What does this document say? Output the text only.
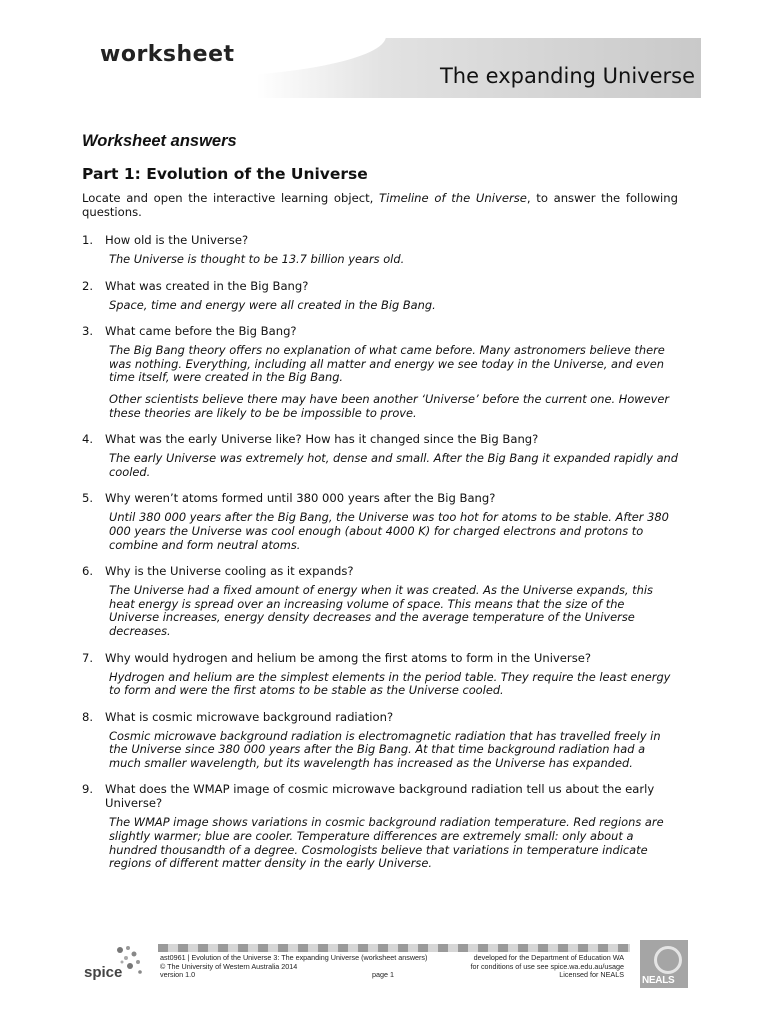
worksheet
The expanding Universe
Worksheet answers
Part 1: Evolution of the Universe
Locate and open the interactive learning object, Timeline of the Universe, to answer the following questions.
1.	How old is the Universe?

The Universe is thought to be 13.7 billion years old.

2.	What was created in the Big Bang?

Space, time and energy were all created in the Big Bang.

3.	What came before the Big Bang?

The Big Bang theory offers no explanation of what came before. Many astronomers believe there was nothing. Everything, including all matter and energy we see today in the Universe, and even time itself, were created in the Big Bang.

Other scientists believe there may have been another ‘Universe’ before the current one. However these theories are likely to be be impossible to prove.

4.	What was the early Universe like? How has it changed since the Big Bang?

The early Universe was extremely hot, dense and small. After the Big Bang it expanded rapidly and cooled.

5.	Why weren’t atoms formed until 380 000 years after the Big Bang?

Until 380 000 years after the Big Bang, the Universe was too hot for atoms to be stable. After 380 000 years the Universe was cool enough (about 4000 K) for charged electrons and protons to combine and form neutral atoms.

6.	Why is the Universe cooling as it expands?

The Universe had a fixed amount of energy when it was created. As the Universe expands, this heat energy is spread over an increasing volume of space. This means that the size of the Universe increases, energy density decreases and the average temperature of the Universe decreases.

7.	Why would hydrogen and helium be among the first atoms to form in the Universe?

Hydrogen and helium are the simplest elements in the period table. They require the least energy to form and were the first atoms to be stable as the Universe cooled.

8.	What is cosmic microwave background radiation?

Cosmic microwave background radiation is electromagnetic radiation that has travelled freely in the Universe since 380 000 years after the Big Bang. At that time background radiation had a much smaller wavelength, but its wavelength has increased as the Universe has expanded.

9.	What does the WMAP image of cosmic microwave background radiation tell us about the early Universe?

The WMAP image shows variations in cosmic background radiation temperature. Red regions are slightly warmer; blue are cooler. Temperature differences are extremely small: only about a hundred thousandth of a degree. Cosmologists believe that variations in temperature indicate regions of different matter density in the early Universe.

spice
ast0961 | Evolution of the Universe 3: The expanding Universe (worksheet answers)
© The University of Western Australia 2014
version 1.0	page 1
developed for the Department of Education WA
for conditions of use see spice.wa.edu.au/usage
Licensed for NEALS
NEALS
